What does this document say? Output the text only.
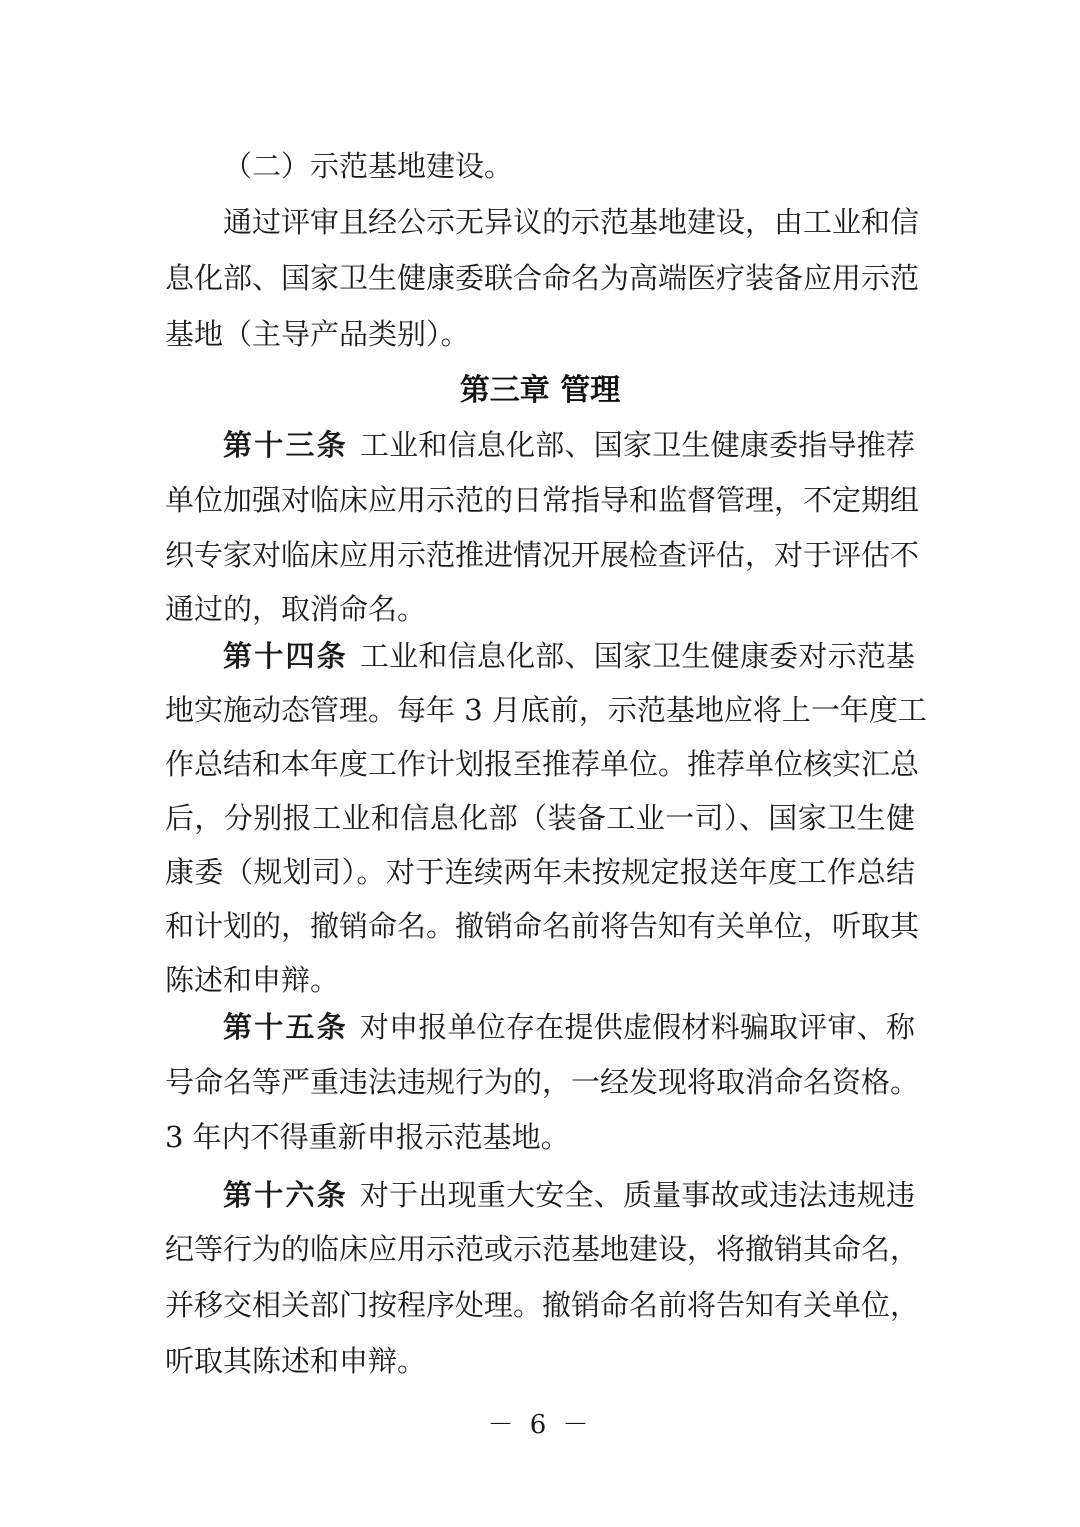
（二）示范基地建设。
通过评审且经公示无异议的示范基地建设，由工业和信
息化部、国家卫生健康委联合命名为高端医疗装备应用示范
基地（主导产品类别）。
第三章 管理
第十三条 工业和信息化部、国家卫生健康委指导推荐
单位加强对临床应用示范的日常指导和监督管理，不定期组
织专家对临床应用示范推进情况开展检查评估，对于评估不
通过的，取消命名。
第十四条 工业和信息化部、国家卫生健康委对示范基
地实施动态管理。每年 3 月底前，示范基地应将上一年度工
作总结和本年度工作计划报至推荐单位。推荐单位核实汇总
后，分别报工业和信息化部（装备工业一司）、国家卫生健
康委（规划司）。对于连续两年未按规定报送年度工作总结
和计划的，撤销命名。撤销命名前将告知有关单位，听取其
陈述和申辩。
第十五条 对申报单位存在提供虚假材料骗取评审、称
号命名等严重违法违规行为的，一经发现将取消命名资格。
3 年内不得重新申报示范基地。
第十六条 对于出现重大安全、质量事故或违法违规违
纪等行为的临床应用示范或示范基地建设，将撤销其命名，
并移交相关部门按程序处理。撤销命名前将告知有关单位，
听取其陈述和申辩。
－ 6 －
